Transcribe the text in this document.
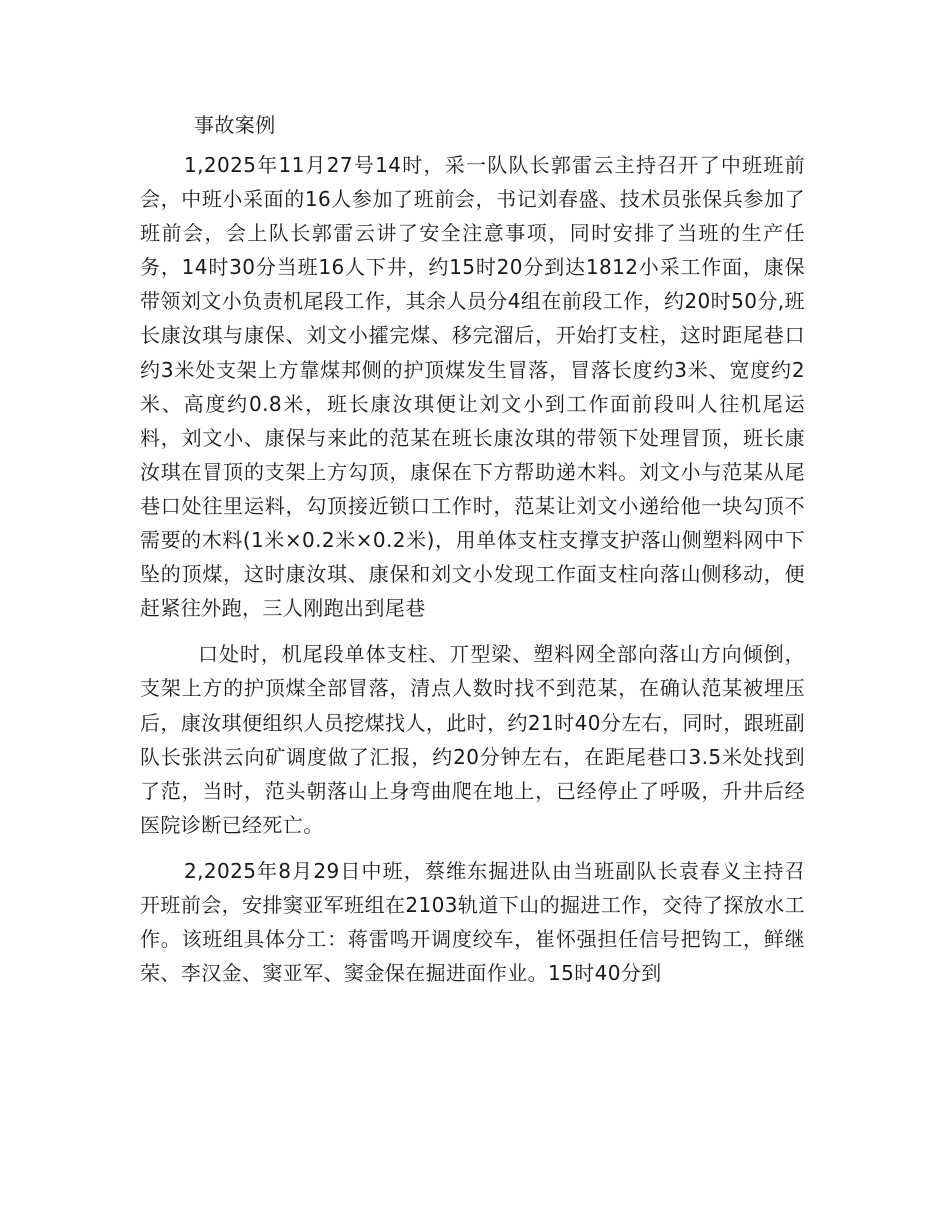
事故案例

1,2025年11月27号14时，采一队队长郭雷云主持召开了中班班前会，中班小采面的16人参加了班前会，书记刘春盛、技术员张保兵参加了班前会，会上队长郭雷云讲了安全注意事项，同时安排了当班的生产任务，14时30分当班16人下井，约15时20分到达1812小采工作面，康保带领刘文小负责机尾段工作，其余人员分4组在前段工作，约20时50分,班长康汝琪与康保、刘文小攉完煤、移完溜后，开始打支柱，这时距尾巷口约3米处支架上方靠煤邦侧的护顶煤发生冒落，冒落长度约3米、宽度约2米、高度约0.8米，班长康汝琪便让刘文小到工作面前段叫人往机尾运料，刘文小、康保与来此的范某在班长康汝琪的带领下处理冒顶，班长康汝琪在冒顶的支架上方勾顶，康保在下方帮助递木料。刘文小与范某从尾巷口处往里运料，勾顶接近锁口工作时，范某让刘文小递给他一块勾顶不需要的木料(1米×0.2米×0.2米)，用单体支柱支撑支护落山侧塑料网中下坠的顶煤，这时康汝琪、康保和刘文小发现工作面支柱向落山侧移动，便赶紧往外跑，三人刚跑出到尾巷

口处时，机尾段单体支柱、丌型梁、塑料网全部向落山方向倾倒，支架上方的护顶煤全部冒落，清点人数时找不到范某，在确认范某被埋压后，康汝琪便组织人员挖煤找人，此时，约21时40分左右，同时，跟班副队长张洪云向矿调度做了汇报，约20分钟左右，在距尾巷口3.5米处找到了范，当时，范头朝落山上身弯曲爬在地上，已经停止了呼吸，升井后经医院诊断已经死亡。

2,2025年8月29日中班，蔡维东掘进队由当班副队长袁春义主持召开班前会，安排窦亚军班组在2103轨道下山的掘进工作，交待了探放水工作。该班组具体分工：蒋雷鸣开调度绞车，崔怀强担任信号把钩工，鲜继荣、李汉金、窦亚军、窦金保在掘进面作业。15时40分到
